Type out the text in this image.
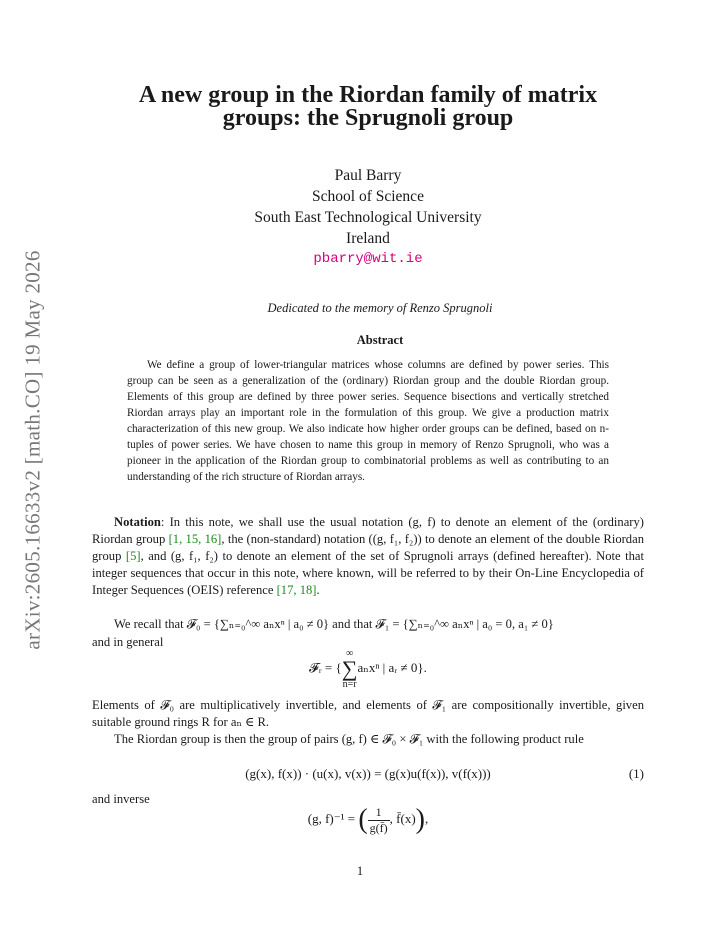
arXiv:2605.16633v2 [math.CO] 19 May 2026
A new group in the Riordan family of matrix
groups: the Sprugnoli group
Paul Barry
School of Science
South East Technological University
Ireland
pbarry@wit.ie
Dedicated to the memory of Renzo Sprugnoli
Abstract
We define a group of lower-triangular matrices whose columns are defined by power series. This group can be seen as a generalization of the (ordinary) Riordan group and the double Riordan group. Elements of this group are defined by three power series. Sequence bisections and vertically stretched Riordan arrays play an important role in the formulation of this group. We give a production matrix characterization of this new group. We also indicate how higher order groups can be defined, based on n-tuples of power series. We have chosen to name this group in memory of Renzo Sprugnoli, who was a pioneer in the application of the Riordan group to combinatorial problems as well as contributing to an understanding of the rich structure of Riordan arrays.
Notation: In this note, we shall use the usual notation (g, f) to denote an element of the (ordinary) Riordan group [1, 15, 16], the (non-standard) notation ((g, f₁, f₂)) to denote an element of the double Riordan group [5], and (g, f₁, f₂) to denote an element of the set of Sprugnoli arrays (defined hereafter). Note that integer sequences that occur in this note, where known, will be referred to by their On-Line Encyclopedia of Integer Sequences (OEIS) reference [17, 18].
We recall that 𝓕₀ = {∑ₙ₌₀^∞ aₙxⁿ | a₀ ≠ 0} and that 𝓕₁ = {∑ₙ₌₀^∞ aₙxⁿ | a₀ = 0, a₁ ≠ 0}
and in general
𝓕ᵣ = {∞
∑
n=raₙxⁿ | aᵣ ≠ 0}.
Elements of 𝓕₀ are multiplicatively invertible, and elements of 𝓕₁ are compositionally invertible, given suitable ground rings R for aₙ ∈ R.
The Riordan group is then the group of pairs (g, f) ∈ 𝓕₀ × 𝓕₁ with the following product rule
(g(x), f(x)) · (u(x), v(x)) = (g(x)u(f(x)), v(f(x)))	(1)
and inverse
(g, f)⁻¹ = ( $\frac{1}{g(f̄)}$ , f̄(x)),
1
